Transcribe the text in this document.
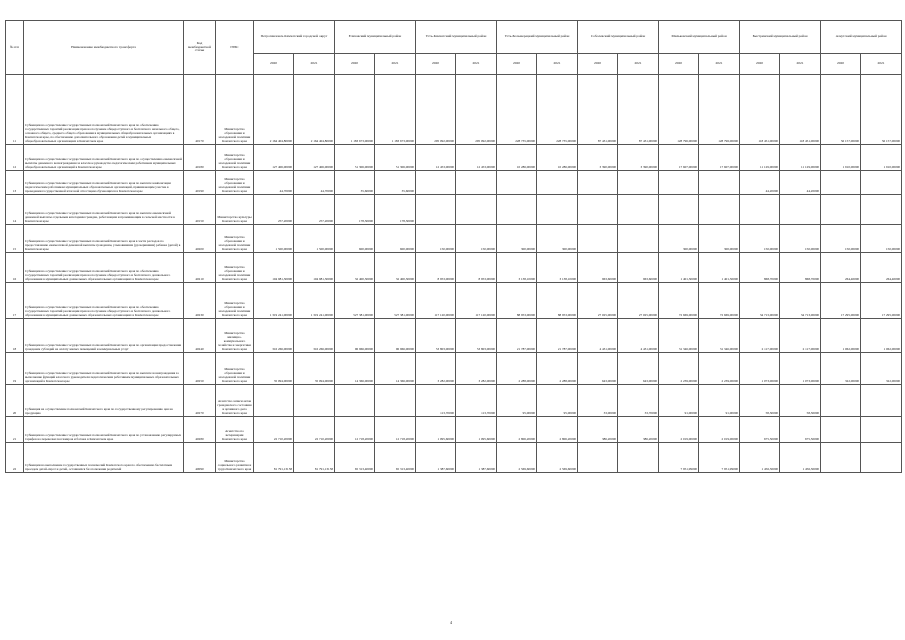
№ п/п	Наименование межбюджетного трансферта	Код межбюджетной статьи	ГРБС	Петропавловск-Камчатский городской округ		Елизовский муниципальный район		Усть-Камчатский муниципальный район		Усть-Большерецкий муниципальный район		Соболевский муниципальный район		Мильковский муниципальный район		Быстринский муниципальный район		Алеутский муниципальный район	
				2020	2021	2020	2021	2020	2021	2020	2021	2020	2021	2020	2021	2020	2021	2020	2021
11	Субвенции на осуществление государственных полномочий Камчатского края по обеспечению государственных гарантий реализации прав на получение общедоступного и бесплатного начального общего, основного общего, среднего общего образования в муниципальных общеобразовательных организациях в Камчатском крае, по обеспечению дополнительного образования детей в муниципальных общеобразовательных организациях в Камчатском крае	40170	Министерство образования и молодежной политики Камчатского края	2 164 404,80000	2 164 404,80000	1 183 673,00000	1 183 673,00000	295 092,00000	295 092,00000	228 735,00000	228 735,00000	87 431,00000	87 431,00000	128 796,00000	128 796,00000	118 451,00000	118 451,00000	56 157,00000	56 157,00000
12	Субвенции на осуществление государственных полномочий Камчатского края по осуществлению ежемесячной выплаты денежного вознаграждения за классное руководство педагогическим работникам муниципальных общеобразовательных организаций в Камчатском крае	40180	Министерство образования и молодежной политики Камчатского края	127 406,00000	127 406,00000	51 306,00000	51 306,00000	12 453,00000	12 453,00000	10 286,00000	10 286,00000	3 390,00000	3 390,00000	17 607,00000	17 607,00000	11 129,00000	11 129,00000	1 910,00000	1 910,00000
13	Субвенции на осуществление государственных полномочий Камчатского края по выплате компенсации педагогическим работникам муниципальных образовательных организаций, принимающим участие в проведении государственной итоговой аттестации обучающихся в Камчатском крае	40190	Министерство образования и молодежной политики Камчатского края	44,70000	44,70000	35,60000	35,60000									44,20000	44,20000		
14	Субвенции на осуществление государственных полномочий Камчатского края по выплате ежемесячной денежной выплаты отдельным категориям граждан, работающим и проживающим в сельской местности в Камчатском крае	40150	Министерство культуры Камчатского края	257,20000	257,20000	178,30000	178,30000												
15	Субвенции на осуществление государственных полномочий Камчатского края в части расходов по предоставлению ежемесячной денежной выплаты гражданам, усыновившим (удочерившим) ребенка (детей) в Камчатском крае	40200	Министерство образования и молодежной политики Камчатского края	1 500,00000	1 500,00000	600,00000	600,00000	150,00000	150,00000	300,00000	300,00000			300,00000	300,00000	150,00000	150,00000	150,00000	150,00000
16	Субвенции на осуществление государственных полномочий Камчатского края по обеспечению государственных гарантий реализации прав на получение общедоступного и бесплатного дошкольного образования в муниципальных дошкольных образовательных организациях в Камчатском крае	40210	Министерство образования и молодежной политики Камчатского края	104 981,30000	104 981,30000	32 400,30000	32 400,30000	8 953,00000	8 953,00000	3 138,10000	3 138,10000	963,60000	963,60000	1 401,30000	1 401,30000	868,70000	868,70000	264,40000	264,40000
17	Субвенции на осуществление государственных полномочий Камчатского края по обеспечению государственных гарантий реализации прав на получение общедоступного и бесплатного дошкольного образования в муниципальных дошкольных образовательных организациях в Камчатском крае	40230	Министерство образования и молодежной политики Камчатского края	1 319 241,00000	1 319 241,00000	527 381,00000	527 381,00000	117 120,00000	117 120,00000	88 953,00000	88 953,00000	27 025,00000	27 025,00000	72 669,00000	72 669,00000	34 713,00000	34 713,00000	17 295,00000	17 295,00000
18	Субвенции на осуществление государственных полномочий Камчатского края по организации предоставления гражданам субсидий на оплату жилых помещений и коммунальных услуг	40240	Министерство жилищно-коммунального хозяйства и энергетики Камчатского края	316 266,00000	316 266,00000	96 966,00000	96 966,00000	53 803,00000	53 803,00000	21 787,00000	21 787,00000	4 431,00000	4 431,00000	31 346,00000	31 346,00000	2 117,00000	2 117,00000	1 062,00000	1 062,00000
19	Субвенции на осуществление государственных полномочий Камчатского края по выплате вознаграждения за выполнение функций классного руководителя педагогическим работникам муниципальных образовательных организаций в Камчатском крае	40250	Министерство образования и молодежной политики Камчатского края	35 094,00000	35 094,00000	14 366,00000	14 366,00000	3 282,00000	3 282,00000	2 288,00000	2 288,00000	643,00000	643,00000	2 239,00000	2 239,00000	1 073,00000	1 073,00000	322,00000	322,00000
20	Субвенция на осуществление полномочий Камчатского края по государственному регулированию цен на продукцию	40270	Агентство записи актов гражданского состояния и архивного дела Камчатского края					113,70000	113,70000	95,00000	95,00000	33,00000	33,70000	91,00000	91,00000	58,30000	58,30000		
21	Субвенции на осуществление государственных полномочий Камчатского края по установлению регулируемых тарифов на перевозки пассажиров и багажа в Камчатском крае	40280	Агентство по ветеринарии Камчатского края	22 710,20000	22 710,20000	12 718,20000	12 718,20000	1 095,60000	1 095,60000	2 806,20000	2 806,20000	386,20000	386,20000	2 019,00000	2 019,00000	675,50000	675,50000		
22	Субвенции на выполнение государственных полномочий Камчатского края по обеспечению бесплатным проездом детей-сирот и детей, оставшихся без попечения родителей	40090	Министерство социального развития и труда Камчатского края	81 791,13158	81 791,13158	65 313,40000	65 313,40000	1 387,60000	1 387,60000	2 569,60000	2 569,60000			7 951,99000	7 951,99000	1 456,30000	1 456,30000		
4
